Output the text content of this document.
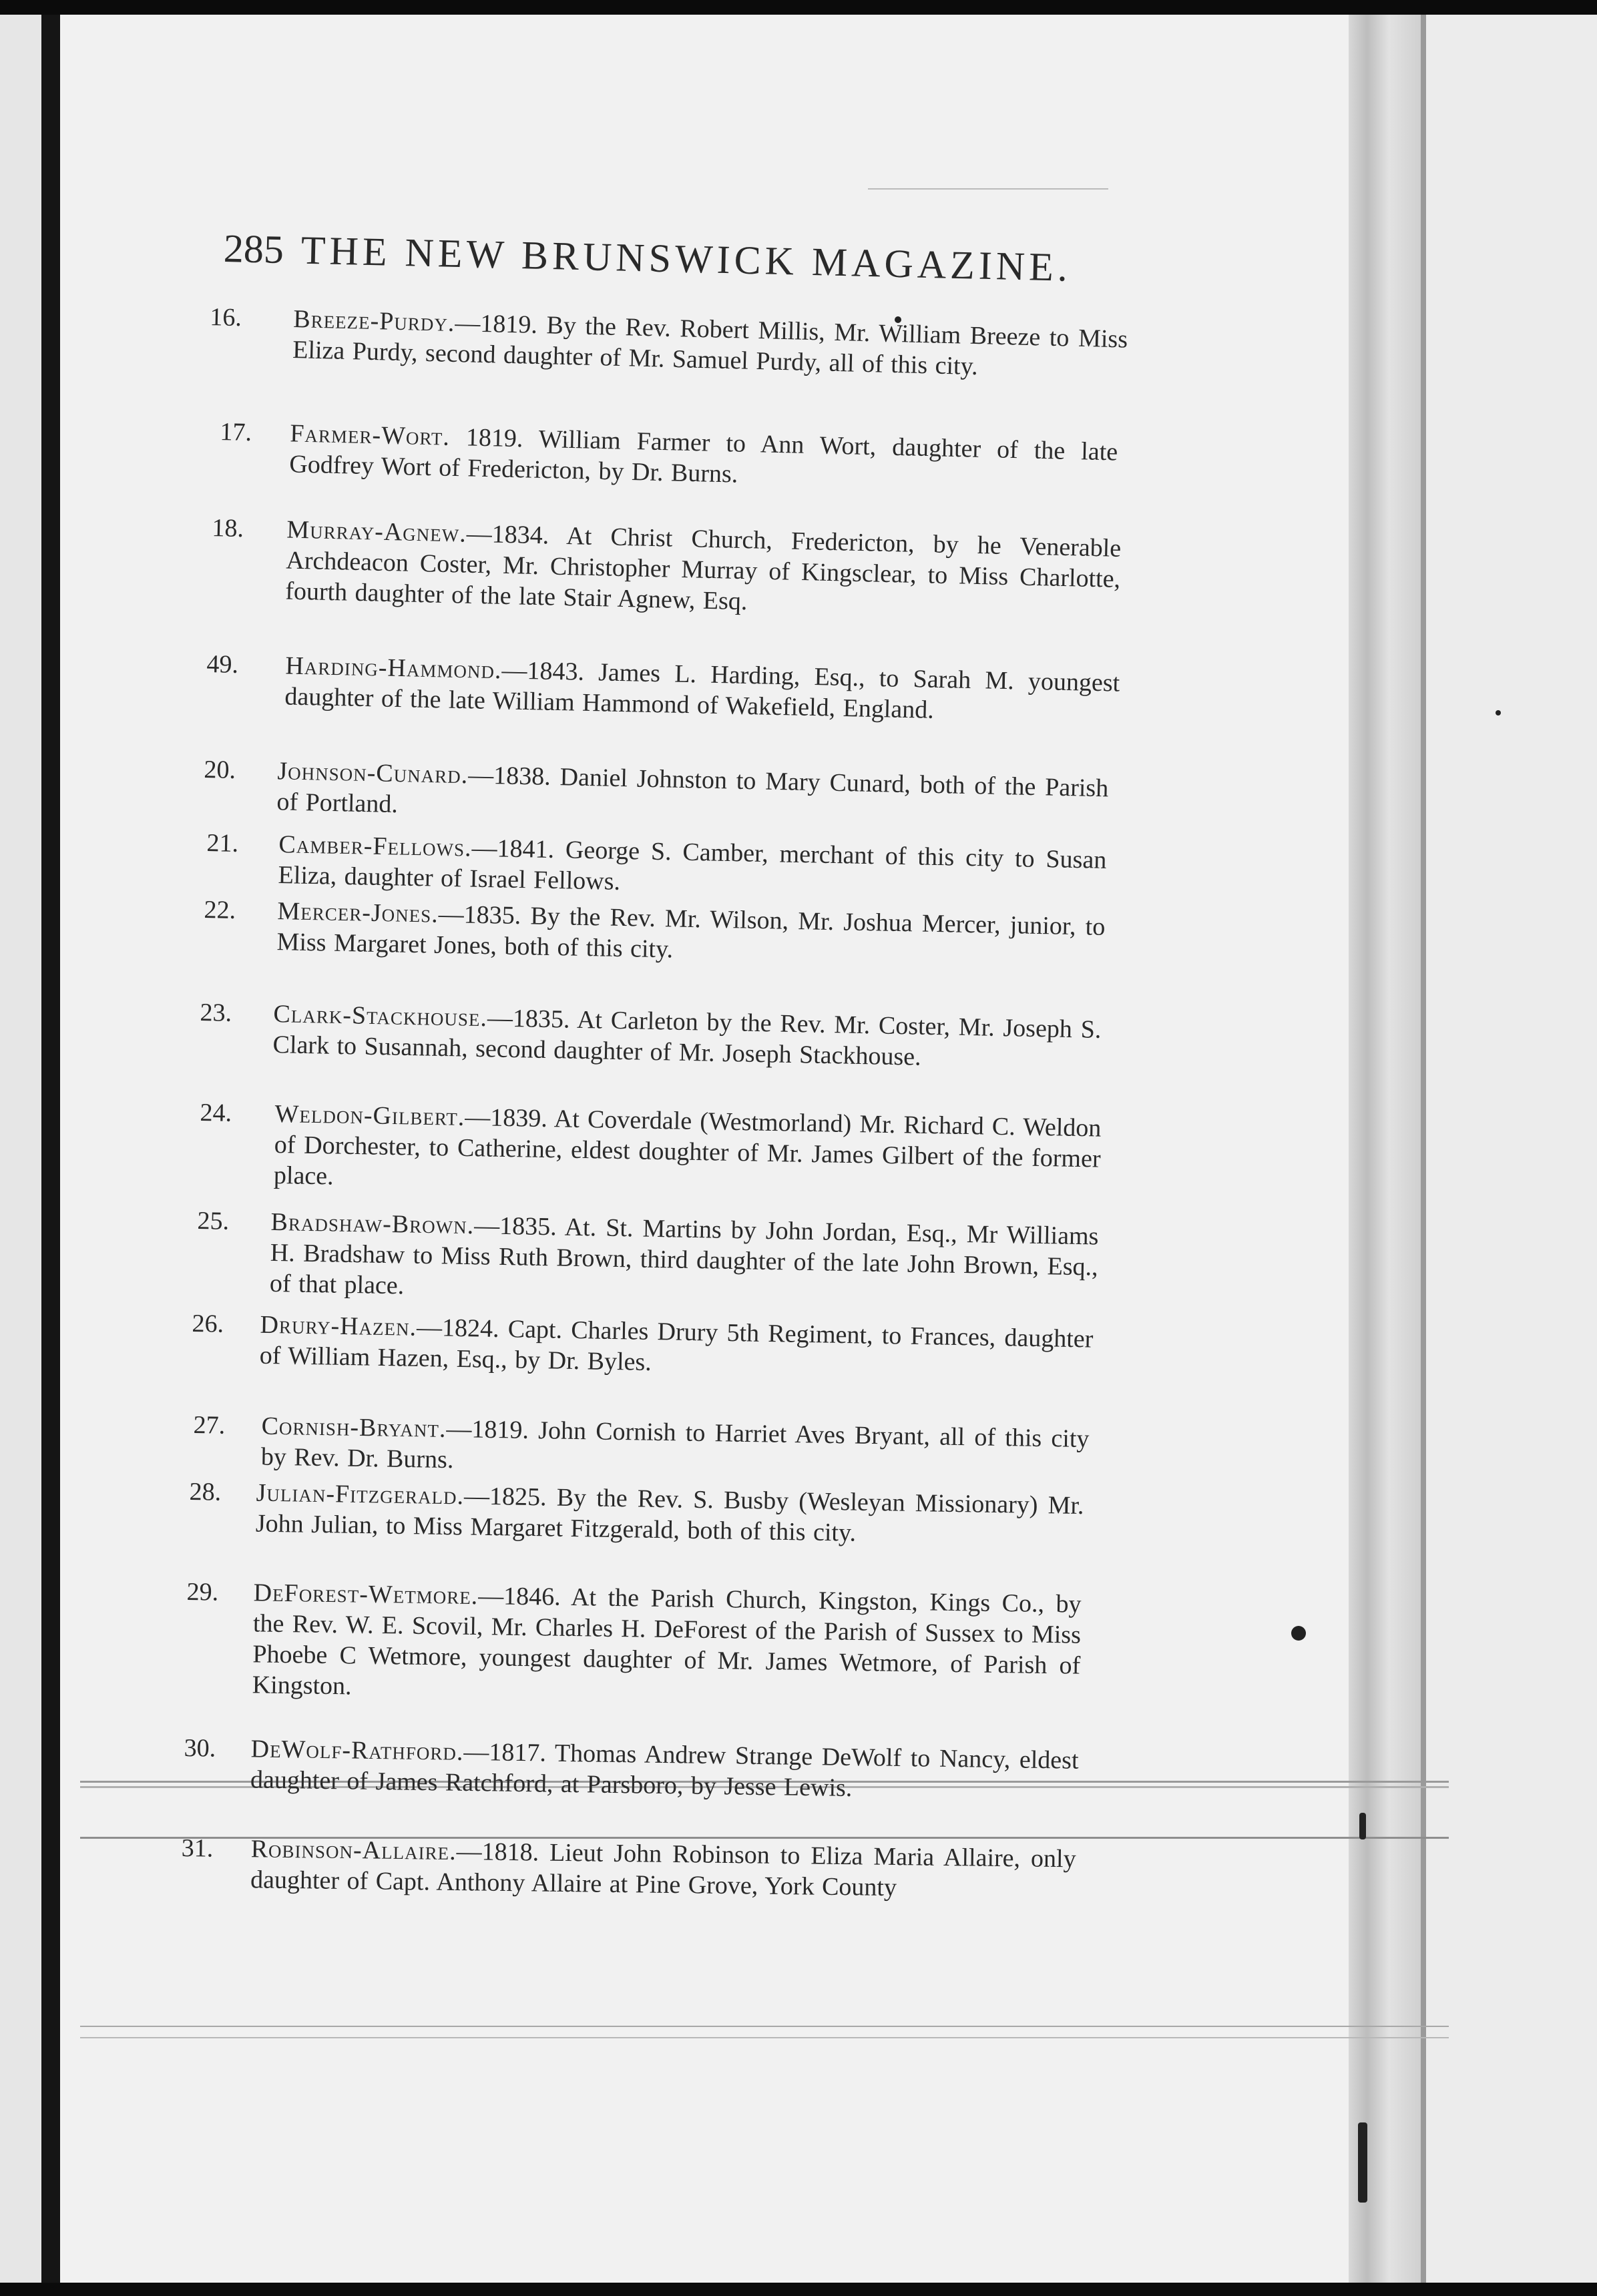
285 THE NEW BRUNSWICK MAGAZINE.
16. Breeze-Purdy.—1819. By the Rev. Robert Millis, Mr. William Breeze to Miss Eliza Purdy, second daughter of Mr. Samuel Purdy, all of this city.
17. Farmer-Wort. 1819. William Farmer to Ann Wort, daughter of the late Godfrey Wort of Fredericton, by Dr. Burns.
18. Murray-Agnew.—1834. At Christ Church, Fredericton, by he Venerable Archdeacon Coster, Mr. Christopher Murray of Kingsclear, to Miss Charlotte, fourth daughter of the late Stair Agnew, Esq.
49. Harding-Hammond.—1843. James L. Harding, Esq., to Sarah M. youngest daughter of the late William Hammond of Wakefield, England.
20. Johnson-Cunard.—1838. Daniel Johnston to Mary Cunard, both of the Parish of Portland.
21. Camber-Fellows.—1841. George S. Camber, merchant of this city to Susan Eliza, daughter of Israel Fellows.
22. Mercer-Jones.—1835. By the Rev. Mr. Wilson, Mr. Joshua Mercer, junior, to Miss Margaret Jones, both of this city.
23. Clark-Stackhouse.—1835. At Carleton by the Rev. Mr. Coster, Mr. Joseph S. Clark to Susannah, second daughter of Mr. Joseph Stackhouse.
24. Weldon-Gilbert.—1839. At Coverdale (Westmorland) Mr. Richard C. Weldon of Dorchester, to Catherine, eldest doughter of Mr. James Gilbert of the former place.
25. Bradshaw-Brown.—1835. At. St. Martins by John Jordan, Esq., Mr Williams H. Bradshaw to Miss Ruth Brown, third daughter of the late John Brown, Esq., of that place.
26. Drury-Hazen.—1824. Capt. Charles Drury 5th Regiment, to Frances, daughter of William Hazen, Esq., by Dr. Byles.
27. Cornish-Bryant.—1819. John Cornish to Harriet Aves Bryant, all of this city by Rev. Dr. Burns.
28. Julian-Fitzgerald.—1825. By the Rev. S. Busby (Wesleyan Missionary) Mr. John Julian, to Miss Margaret Fitzgerald, both of this city.
29. DeForest-Wetmore.—1846. At the Parish Church, Kingston, Kings Co., by the Rev. W. E. Scovil, Mr. Charles H. DeForest of the Parish of Sussex to Miss Phoebe C Wetmore, youngest daughter of Mr. James Wetmore, of Parish of Kingston.
30. DeWolf-Rathford.—1817. Thomas Andrew Strange DeWolf to Nancy, eldest daughter of James Ratchford, at Parsboro, by Jesse Lewis.
31. Robinson-Allaire.—1818. Lieut John Robinson to Eliza Maria Allaire, only daughter of Capt. Anthony Allaire at Pine Grove, York County
